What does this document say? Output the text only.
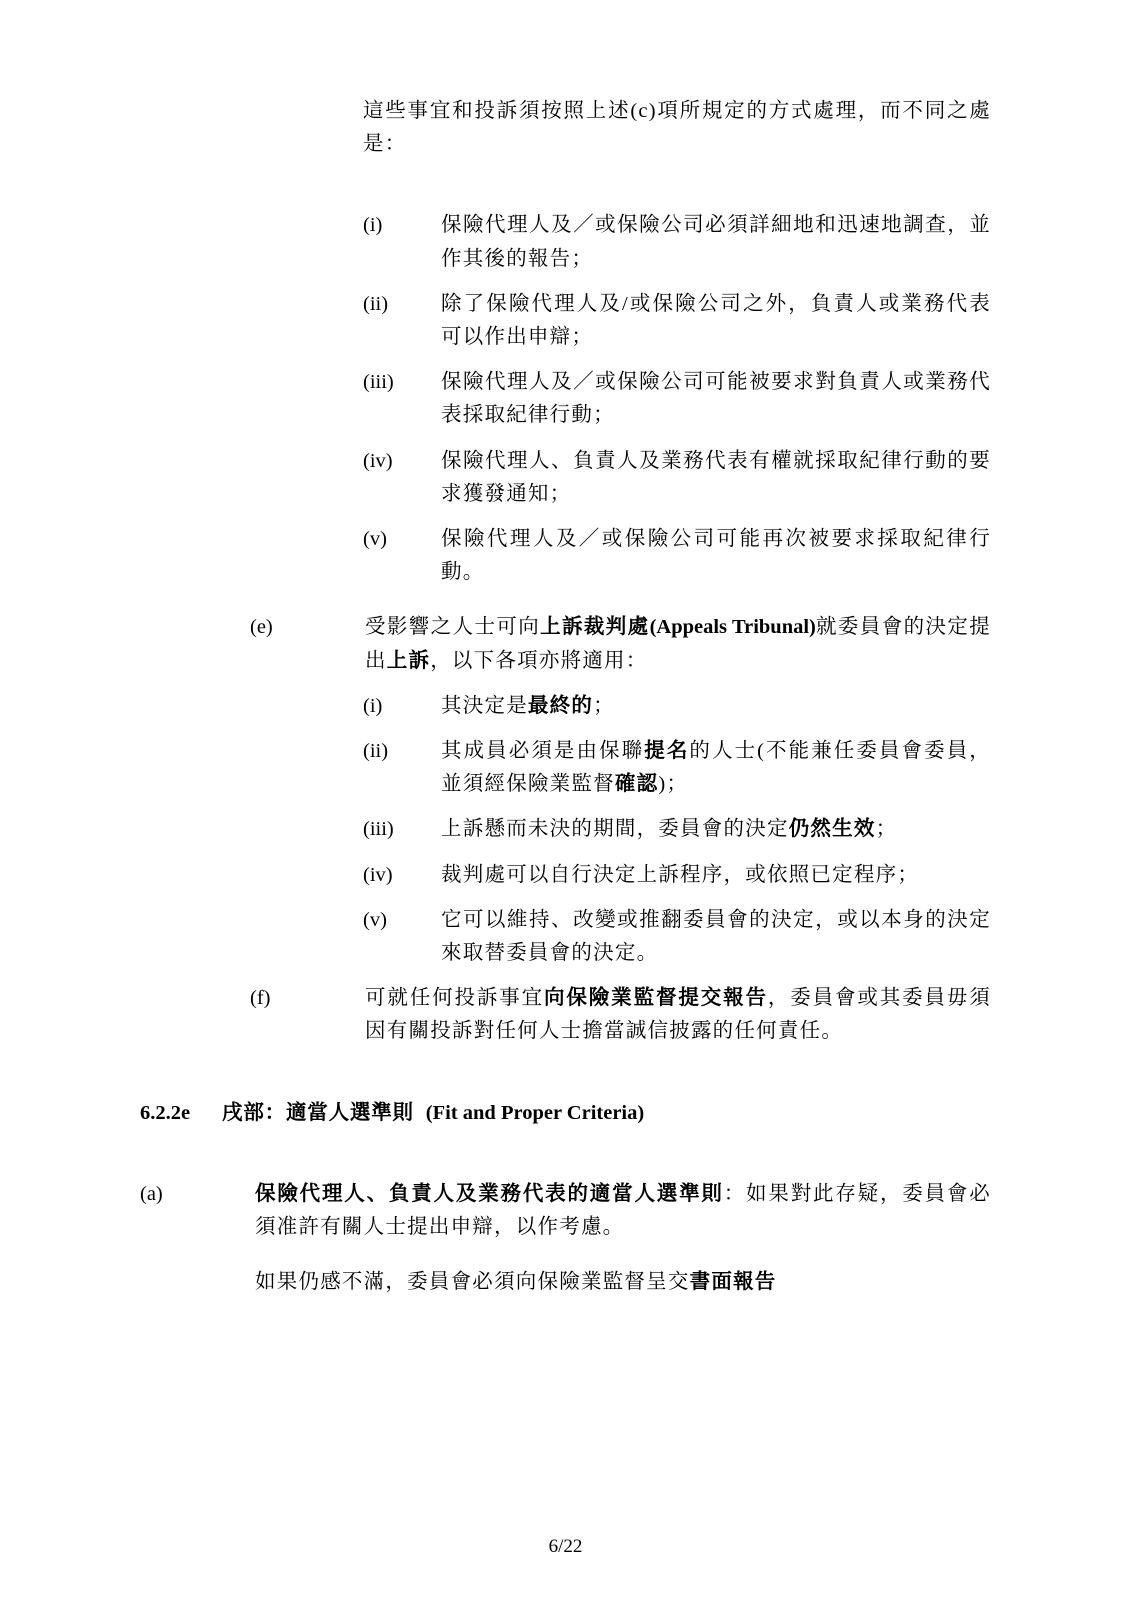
這些事宜和投訴須按照上述(c)項所規定的方式處理，而不同之處是：
(i)	保險代理人及／或保險公司必須詳細地和迅速地調查，並作其後的報告；
(ii)	除了保險代理人及/或保險公司之外，負責人或業務代表可以作出申辯；
(iii)	保險代理人及／或保險公司可能被要求對負責人或業務代表採取紀律行動；
(iv)	保險代理人、負責人及業務代表有權就採取紀律行動的要求獲發通知；
(v)	保險代理人及／或保險公司可能再次被要求採取紀律行動。
(e)	受影響之人士可向上訴裁判處(Appeals Tribunal)就委員會的決定提出上訴，以下各項亦將適用：
(i)	其決定是最終的；
(ii)	其成員必須是由保聯提名的人士(不能兼任委員會委員，並須經保險業監督確認)；
(iii)	上訴懸而未決的期間，委員會的決定仍然生效；
(iv)	裁判處可以自行決定上訴程序，或依照已定程序；
(v)	它可以維持、改變或推翻委員會的決定，或以本身的決定來取替委員會的決定。
(f)	可就任何投訴事宜向保險業監督提交報告，委員會或其委員毋須因有關投訴對任何人士擔當誠信披露的任何責任。
6.2.2e	戌部：適當人選準則 (Fit and Proper Criteria)
(a)	保險代理人、負責人及業務代表的適當人選準則：如果對此存疑，委員會必須准許有關人士提出申辯，以作考慮。
如果仍感不滿，委員會必須向保險業監督呈交書面報告
6/22
